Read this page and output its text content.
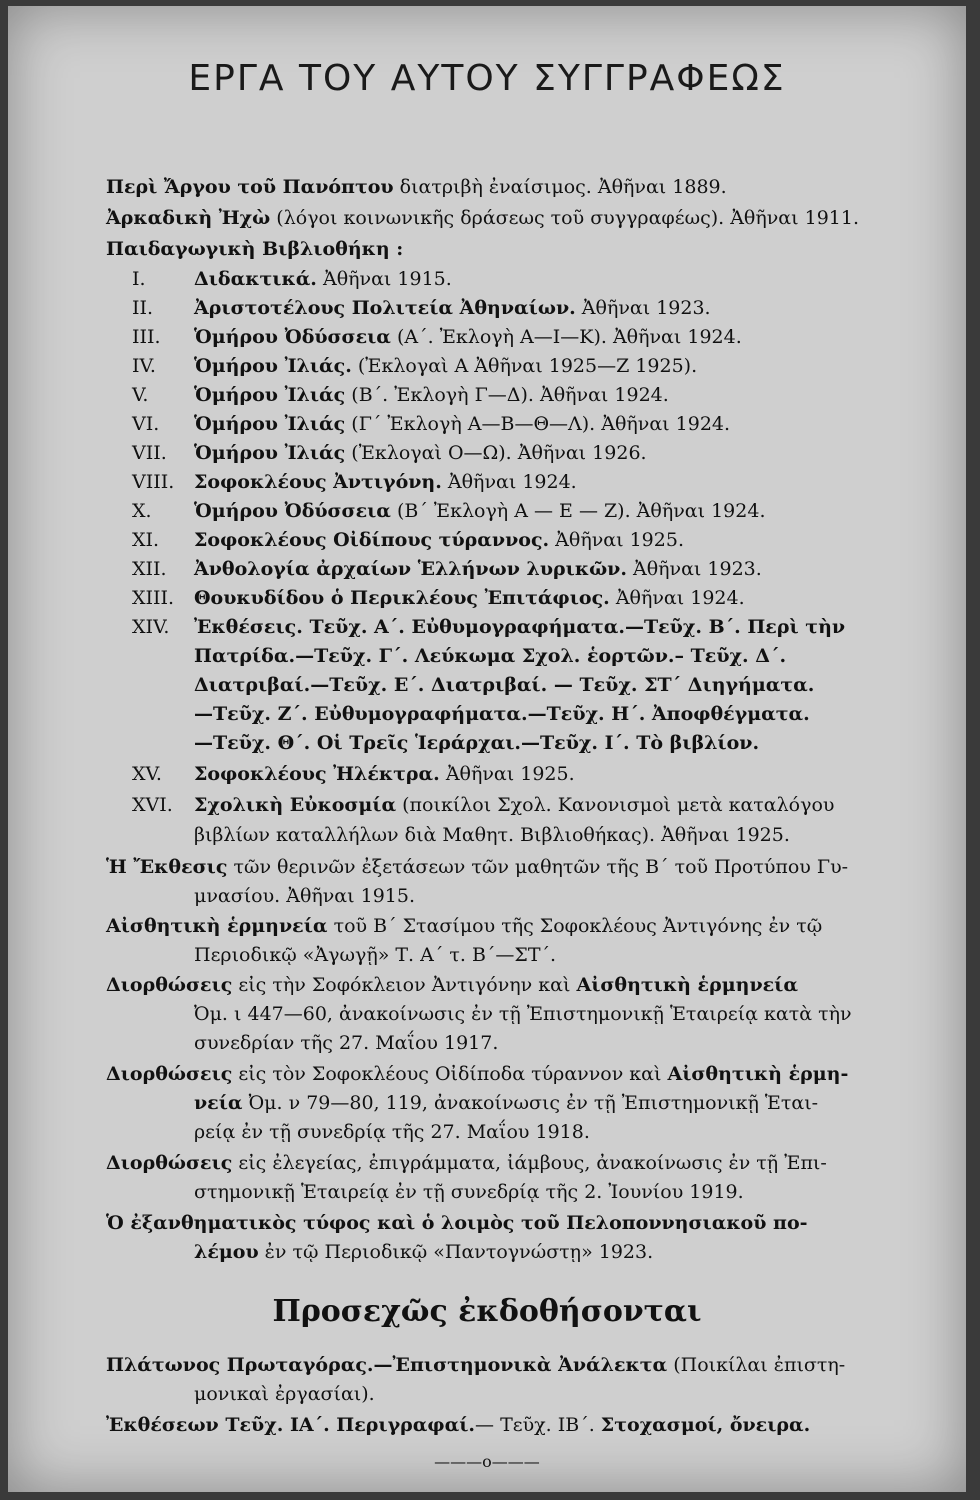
ΕΡΓΑ ΤΟΥ ΑΥΤΟΥ ΣΥΓΓΡΑΦΕΩΣ
Περὶ Ἄργου τοῦ Πανόπτου διατριβὴ ἐναίσιμος. Ἀθῆναι 1889.
Ἀρκαδικὴ Ἠχὼ (λόγοι κοινωνικῆς δράσεως τοῦ συγγραφέως). Ἀθῆναι 1911.
Παιδαγωγικὴ Βιβλιοθήκη :
I.	Διδακτικά. Ἀθῆναι 1915.
II. Ἀριστοτέλους Πολιτεία Ἀθηναίων. Ἀθῆναι 1923.
III. Ὁμήρου Ὀδύσσεια (Α΄. Ἐκλογὴ Α—Ι—Κ). Ἀθῆναι 1924.
IV. Ὁμήρου Ἰλιάς. (Ἐκλογαὶ Α Ἀθῆναι 1925—Ζ 1925).
V. Ὁμήρου Ἰλιάς (Β΄. Ἐκλογὴ Γ—Δ). Ἀθῆναι 1924.
VI. Ὁμήρου Ἰλιάς (Γ΄ Ἐκλογὴ Α—Β—Θ—Λ). Ἀθῆναι 1924.
VII. Ὁμήρου Ἰλιάς (Ἐκλογαὶ Ο—Ω). Ἀθῆναι 1926.
VIII. Σοφοκλέους Ἀντιγόνη. Ἀθῆναι 1924.
X. Ὁμήρου Ὀδύσσεια (Β΄ Ἐκλογὴ Α — Ε — Ζ). Ἀθῆναι 1924.
XI. Σοφοκλέους Οἰδίπους τύραννος. Ἀθῆναι 1925.
XII. Ἀνθολογία ἀρχαίων Ἑλλήνων λυρικῶν. Ἀθῆναι 1923.
XIII. Θουκυδίδου ὁ Περικλέους Ἐπιτάφιος. Ἀθῆναι 1924.
XIV. Ἐκθέσεις. Τεῦχ. Α΄. Εὐθυμογραφήματα.—Τεῦχ. Β΄. Περὶ τὴν
Πατρίδα.—Τεῦχ. Γ΄. Λεύκωμα Σχολ. ἑορτῶν.– Τεῦχ. Δ΄.
Διατριβαί.—Τεῦχ. Ε΄. Διατριβαί. — Τεῦχ. ΣΤ΄ Διηγήματα.
—Τεῦχ. Ζ΄. Εὐθυμογραφήματα.—Τεῦχ. Η΄. Ἀποφθέγματα.
—Τεῦχ. Θ΄. Οἱ Τρεῖς Ἱεράρχαι.—Τεῦχ. Ι΄. Τὸ βιβλίον.
XV. Σοφοκλέους Ἠλέκτρα. Ἀθῆναι 1925.
XVI. Σχολικὴ Εὐκοσμία (ποικίλοι Σχολ. Κανονισμοὶ μετὰ καταλόγου
βιβλίων καταλλήλων διὰ Μαθητ. Βιβλιοθήκας). Ἀθῆναι 1925.
Ἡ Ἔκθεσις τῶν θερινῶν ἐξετάσεων τῶν μαθητῶν τῆς Β΄ τοῦ Προτύπου Γυ-
μνασίου. Ἀθῆναι 1915.
Αἰσθητικὴ ἑρμηνεία τοῦ Β΄ Στασίμου τῆς Σοφοκλέους Ἀντιγόνης ἐν τῷ
Περιοδικῷ «Ἀγωγῇ» Τ. Α΄ τ. Β΄—ΣΤ΄.
Διορθώσεις εἰς τὴν Σοφόκλειον Ἀντιγόνην καὶ Αἰσθητικὴ ἑρμηνεία
Ὀμ. ι 447—60, ἀνακοίνωσις ἐν τῇ Ἐπιστημονικῇ Ἑταιρείᾳ κατὰ τὴν
συνεδρίαν τῆς 27. Μαΐου 1917.
Διορθώσεις εἰς τὸν Σοφοκλέους Οἰδίποδα τύραννον καὶ Αἰσθητικὴ ἑρμη-
νεία Ὀμ. ν 79—80, 119, ἀνακοίνωσις ἐν τῇ Ἐπιστημονικῇ Ἑται-
ρείᾳ ἐν τῇ συνεδρίᾳ τῆς 27. Μαΐου 1918.
Διορθώσεις εἰς ἐλεγείας, ἐπιγράμματα, ἰάμβους, ἀνακοίνωσις ἐν τῇ Ἐπι-
στημονικῇ Ἑταιρείᾳ ἐν τῇ συνεδρίᾳ τῆς 2. Ἰουνίου 1919.
Ὁ ἐξανθηματικὸς τύφος καὶ ὁ λοιμὸς τοῦ Πελοποννησιακοῦ πο-
λέμου ἐν τῷ Περιοδικῷ «Παντογνώστῃ» 1923.
Προσεχῶς ἐκδοθήσονται
Πλάτωνος Πρωταγόρας.—Ἐπιστημονικὰ Ἀνάλεκτα (Ποικίλαι ἐπιστη-
μονικαὶ ἐργασίαι).
Ἐκθέσεων Τεῦχ. ΙΑ΄. Περιγραφαί.— Τεῦχ. ΙΒ΄. Στοχασμοί, ὄνειρα.
———o———
